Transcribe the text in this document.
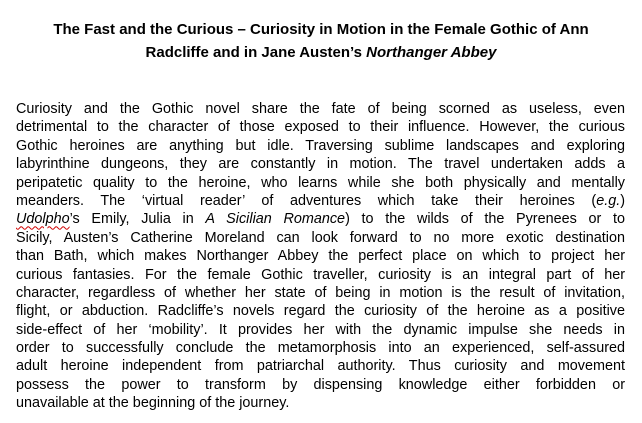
The Fast and the Curious – Curiosity in Motion in the Female Gothic of Ann
Radcliffe and in Jane Austen’s Northanger Abbey
Curiosity and the Gothic novel share the fate of being scorned as useless, even
detrimental to the character of those exposed to their influence. However, the curious
Gothic heroines are anything but idle. Traversing sublime landscapes and exploring
labyrinthine dungeons, they are constantly in motion. The travel undertaken adds a
peripatetic quality to the heroine, who learns while she both physically and mentally
meanders. The ‘virtual reader’ of adventures which take their heroines (e.g.)
Udolpho’s Emily, Julia in A Sicilian Romance) to the wilds of the Pyrenees or to
Sicily, Austen’s Catherine Moreland can look forward to no more exotic destination
than Bath, which makes Northanger Abbey the perfect place on which to project her
curious fantasies. For the female Gothic traveller, curiosity is an integral part of her
character, regardless of whether her state of being in motion is the result of invitation,
flight, or abduction. Radcliffe’s novels regard the curiosity of the heroine as a positive
side-effect of her ‘mobility’. It provides her with the dynamic impulse she needs in
order to successfully conclude the metamorphosis into an experienced, self-assured
adult heroine independent from patriarchal authority. Thus curiosity and movement
possess the power to transform by dispensing knowledge either forbidden or
unavailable at the beginning of the journey.
